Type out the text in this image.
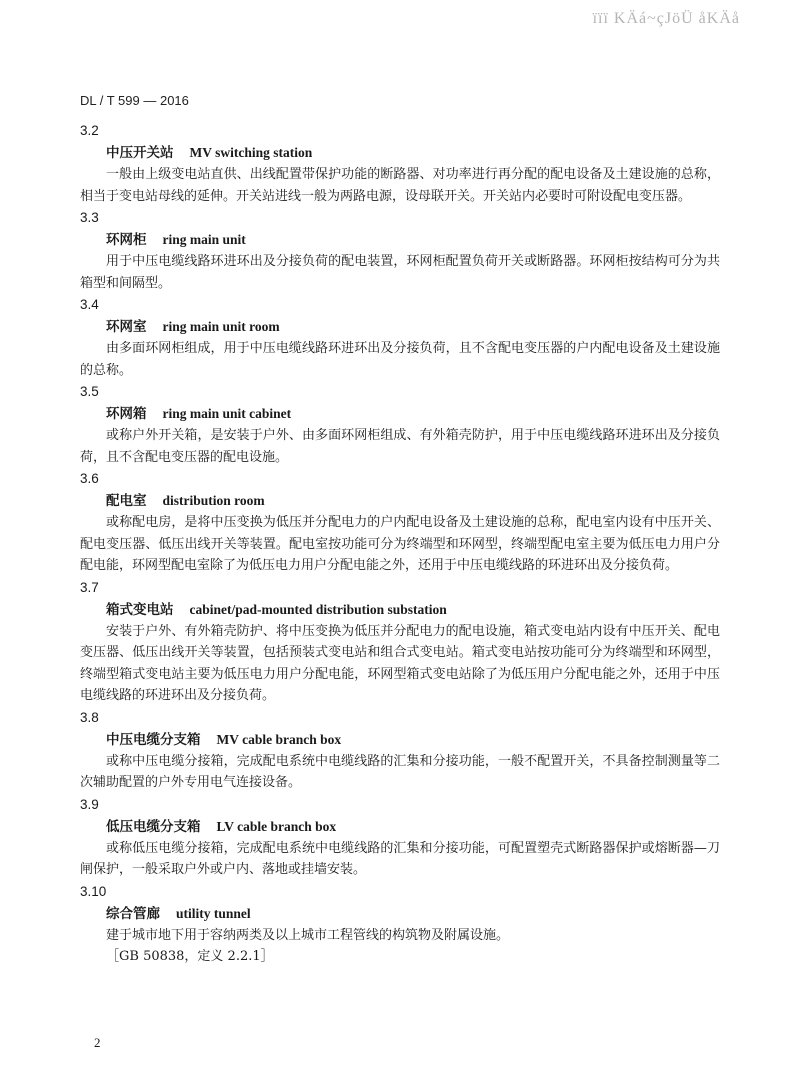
ïïï KÄá~çJöÜ åKÄå
DL / T 599 — 2016
3.2
中压开关站 MV switching station
一般由上级变电站直供、出线配置带保护功能的断路器、对功率进行再分配的配电设备及土建设施的总称，相当于变电站母线的延伸。开关站进线一般为两路电源，设母联开关。开关站内必要时可附设配电变压器。
3.3
环网柜 ring main unit
用于中压电缆线路环进环出及分接负荷的配电装置，环网柜配置负荷开关或断路器。环网柜按结构可分为共箱型和间隔型。
3.4
环网室 ring main unit room
由多面环网柜组成，用于中压电缆线路环进环出及分接负荷，且不含配电变压器的户内配电设备及土建设施的总称。
3.5
环网箱 ring main unit cabinet
或称户外开关箱，是安装于户外、由多面环网柜组成、有外箱壳防护，用于中压电缆线路环进环出及分接负荷，且不含配电变压器的配电设施。
3.6
配电室 distribution room
或称配电房，是将中压变换为低压并分配电力的户内配电设备及土建设施的总称，配电室内设有中压开关、配电变压器、低压出线开关等装置。配电室按功能可分为终端型和环网型，终端型配电室主要为低压电力用户分配电能，环网型配电室除了为低压电力用户分配电能之外，还用于中压电缆线路的环进环出及分接负荷。
3.7
箱式变电站 cabinet/pad-mounted distribution substation
安装于户外、有外箱壳防护、将中压变换为低压并分配电力的配电设施，箱式变电站内设有中压开关、配电变压器、低压出线开关等装置，包括预装式变电站和组合式变电站。箱式变电站按功能可分为终端型和环网型，终端型箱式变电站主要为低压电力用户分配电能，环网型箱式变电站除了为低压用户分配电能之外，还用于中压电缆线路的环进环出及分接负荷。
3.8
中压电缆分支箱 MV cable branch box
或称中压电缆分接箱，完成配电系统中电缆线路的汇集和分接功能，一般不配置开关，不具备控制测量等二次辅助配置的户外专用电气连接设备。
3.9
低压电缆分支箱 LV cable branch box
或称低压电缆分接箱，完成配电系统中电缆线路的汇集和分接功能，可配置塑壳式断路器保护或熔断器—刀闸保护，一般采取户外或户内、落地或挂墙安装。
3.10
综合管廊 utility tunnel
建于城市地下用于容纳两类及以上城市工程管线的构筑物及附属设施。
［GB 50838，定义 2.2.1］
2
